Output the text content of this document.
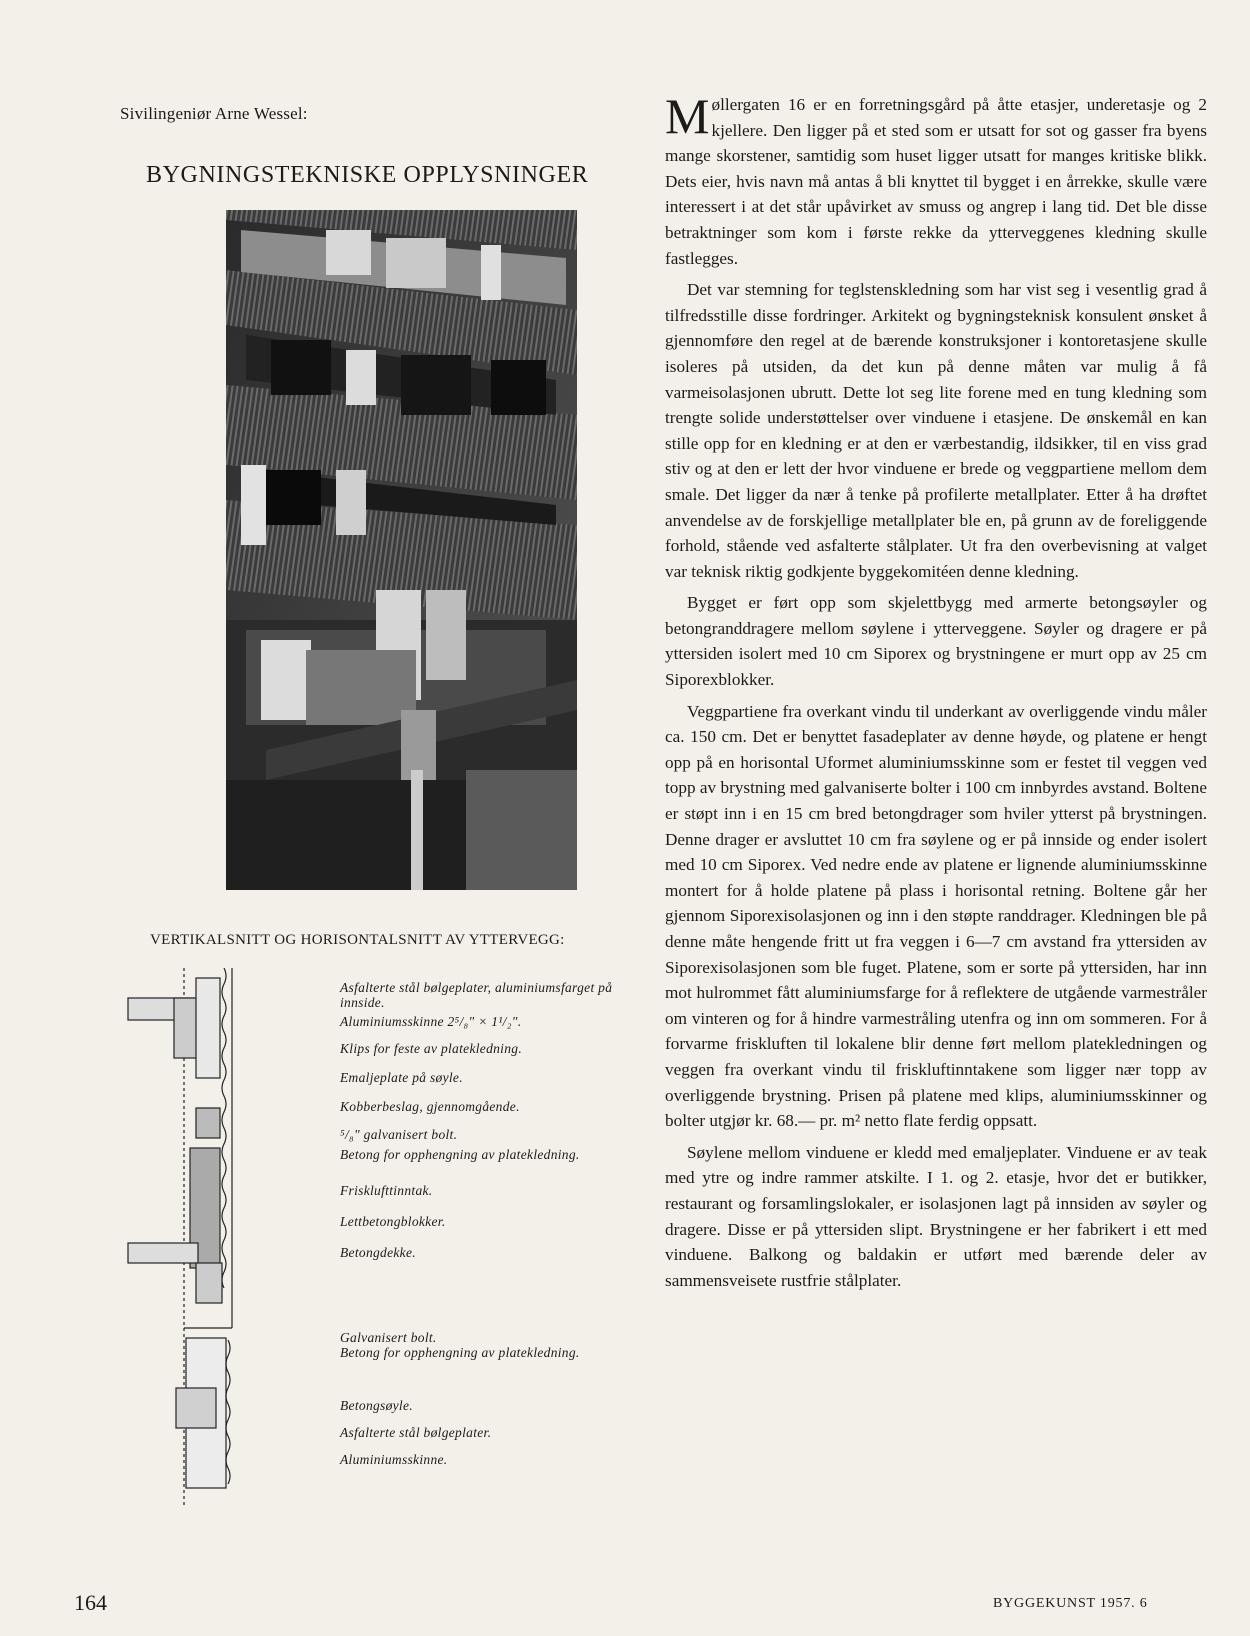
Sivilingeniør Arne Wessel:
BYGNINGSTEKNISKE OPPLYSNINGER
VERTIKALSNITT OG HORISONTALSNITT AV YTTERVEGG:
Asfalterte stål bølgeplater, aluminiumsfarget på innside.
Aluminiumsskinne 2⁵/₈" × 1¹/₂".
Klips for feste av platekledning.
Emaljeplate på søyle.
Kobberbeslag, gjennomgående.
⁵/₈" galvanisert bolt.
Betong for opphengning av platekledning.
Frisklufttinntak.
Lettbetongblokker.
Betongdekke.
Galvanisert bolt.
Betong for opphengning av platekledning.
Betongsøyle.
Asfalterte stål bølgeplater.
Aluminiumsskinne.

Møllergaten 16 er en forretningsgård på åtte etasjer, underetasje og 2 kjellere. Den ligger på et sted som er utsatt for sot og gasser fra byens mange skorstener, samtidig som huset ligger utsatt for manges kritiske blikk. Dets eier, hvis navn må antas å bli knyttet til bygget i en årrekke, skulle være interessert i at det står upåvirket av smuss og angrep i lang tid. Det ble disse betraktninger som kom i første rekke da ytterveggenes kledning skulle fastlegges.

Det var stemning for teglstenskledning som har vist seg i vesentlig grad å tilfredsstille disse fordringer. Arkitekt og bygningsteknisk konsulent ønsket å gjennomføre den regel at de bærende konstruksjoner i kontoretasjene skulle isoleres på utsiden, da det kun på denne måten var mulig å få varmeisolasjonen ubrutt. Dette lot seg lite forene med en tung kledning som trengte solide understøttelser over vinduene i etasjene. De ønskemål en kan stille opp for en kledning er at den er værbestandig, ildsikker, til en viss grad stiv og at den er lett der hvor vinduene er brede og veggpartiene mellom dem smale. Det ligger da nær å tenke på profilerte metallplater. Etter å ha drøftet anvendelse av de forskjellige metallplater ble en, på grunn av de foreliggende forhold, stående ved asfalterte stålplater. Ut fra den overbevisning at valget var teknisk riktig godkjente byggekomitéen denne kledning.

Bygget er ført opp som skjelettbygg med armerte betongsøyler og betongranddragere mellom søylene i ytterveggene. Søyler og dragere er på yttersiden isolert med 10 cm Siporex og brystningene er murt opp av 25 cm Siporexblokker.

Veggpartiene fra overkant vindu til underkant av overliggende vindu måler ca. 150 cm. Det er benyttet fasadeplater av denne høyde, og platene er hengt opp på en horisontal Uformet aluminiumsskinne som er festet til veggen ved topp av brystning med galvaniserte bolter i 100 cm innbyrdes avstand. Boltene er støpt inn i en 15 cm bred betongdrager som hviler ytterst på brystningen. Denne drager er avsluttet 10 cm fra søylene og er på innside og ender isolert med 10 cm Siporex. Ved nedre ende av platene er lignende aluminiumsskinne montert for å holde platene på plass i horisontal retning. Boltene går her gjennom Siporexisolasjonen og inn i den støpte randdrager. Kledningen ble på denne måte hengende fritt ut fra veggen i 6—7 cm avstand fra yttersiden av Siporexisolasjonen som ble fuget. Platene, som er sorte på yttersiden, har inn mot hulrommet fått aluminiumsfarge for å reflektere de utgående varmestråler om vinteren og for å hindre varmestråling utenfra og inn om sommeren. For å forvarme friskluften til lokalene blir denne ført mellom platekledningen og veggen fra overkant vindu til friskluftinntakene som ligger nær topp av overliggende brystning. Prisen på platene med klips, aluminiumsskinner og bolter utgjør kr. 68.— pr. m² netto flate ferdig oppsatt.

Søylene mellom vinduene er kledd med emaljeplater. Vinduene er av teak med ytre og indre rammer atskilte. I 1. og 2. etasje, hvor det er butikker, restaurant og forsamlingslokaler, er isolasjonen lagt på innsiden av søyler og dragere. Disse er på yttersiden slipt. Brystningene er her fabrikert i ett med vinduene. Balkong og baldakin er utført med bærende deler av sammensveisete rustfrie stålplater.

164	BYGGEKUNST 1957. 6
